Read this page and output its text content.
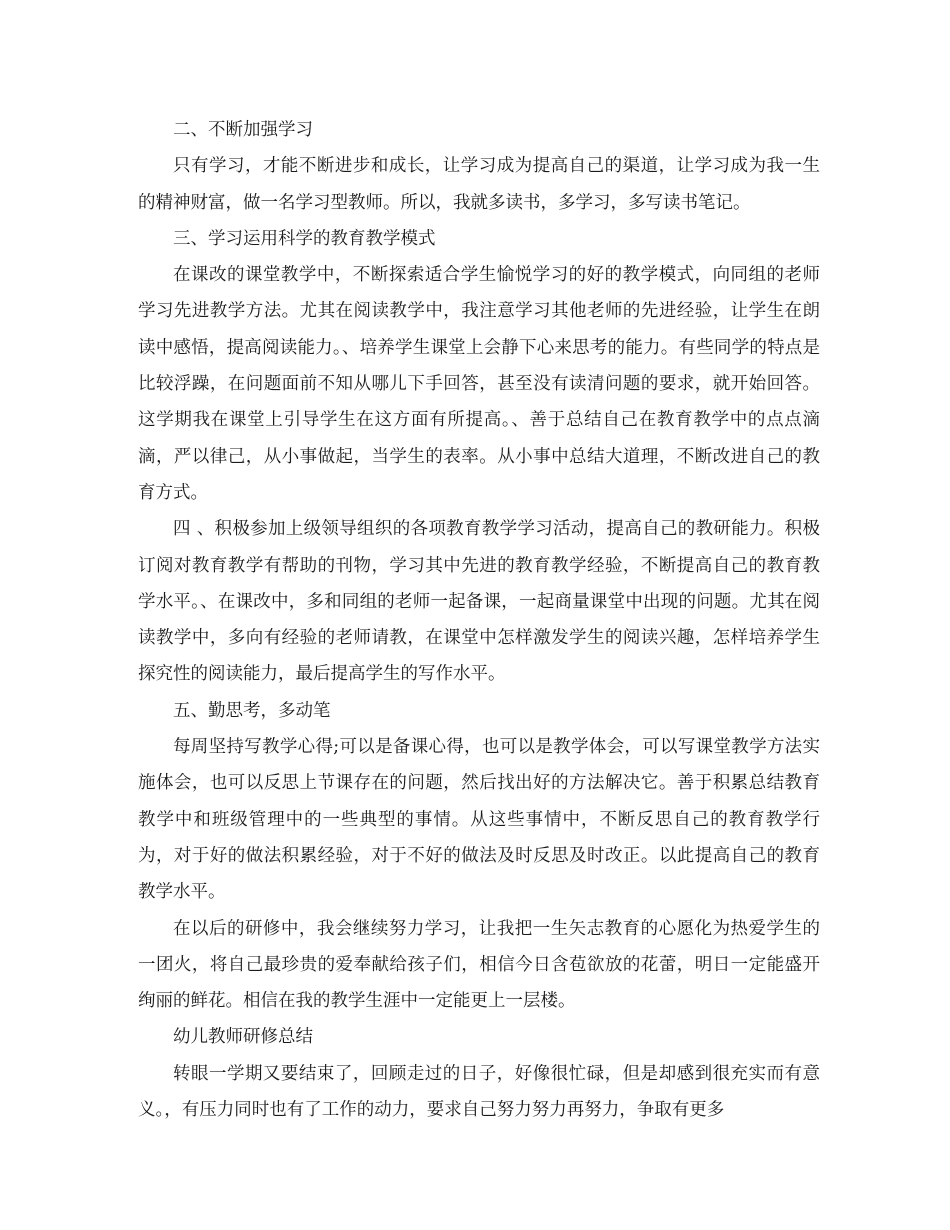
二、不断加强学习

只有学习，才能不断进步和成长，让学习成为提高自己的渠道，让学习成为我一生的精神财富，做一名学习型教师。所以，我就多读书，多学习，多写读书笔记。

三、学习运用科学的教育教学模式

在课改的课堂教学中，不断探索适合学生愉悦学习的好的教学模式，向同组的老师学习先进教学方法。尤其在阅读教学中，我注意学习其他老师的先进经验，让学生在朗读中感悟，提高阅读能力。、培养学生课堂上会静下心来思考的能力。有些同学的特点是比较浮躁，在问题面前不知从哪儿下手回答，甚至没有读清问题的要求，就开始回答。这学期我在课堂上引导学生在这方面有所提高。、善于总结自己在教育教学中的点点滴滴，严以律己，从小事做起，当学生的表率。从小事中总结大道理，不断改进自己的教育方式。

四 、积极参加上级领导组织的各项教育教学学习活动，提高自己的教研能力。积极订阅对教育教学有帮助的刊物，学习其中先进的教育教学经验，不断提高自己的教育教学水平。、在课改中，多和同组的老师一起备课，一起商量课堂中出现的问题。尤其在阅读教学中，多向有经验的老师请教，在课堂中怎样激发学生的阅读兴趣，怎样培养学生探究性的阅读能力，最后提高学生的写作水平。

五、勤思考，多动笔

每周坚持写教学心得;可以是备课心得，也可以是教学体会，可以写课堂教学方法实施体会，也可以反思上节课存在的问题，然后找出好的方法解决它。善于积累总结教育教学中和班级管理中的一些典型的事情。从这些事情中，不断反思自己的教育教学行为，对于好的做法积累经验，对于不好的做法及时反思及时改正。以此提高自己的教育教学水平。

在以后的研修中，我会继续努力学习，让我把一生矢志教育的心愿化为热爱学生的一团火，将自己最珍贵的爱奉献给孩子们，相信今日含苞欲放的花蕾，明日一定能盛开绚丽的鲜花。相信在我的教学生涯中一定能更上一层楼。

幼儿教师研修总结

转眼一学期又要结束了，回顾走过的日子，好像很忙碌，但是却感到很充实而有意义。，有压力同时也有了工作的动力，要求自己努力努力再努力，争取有更多
